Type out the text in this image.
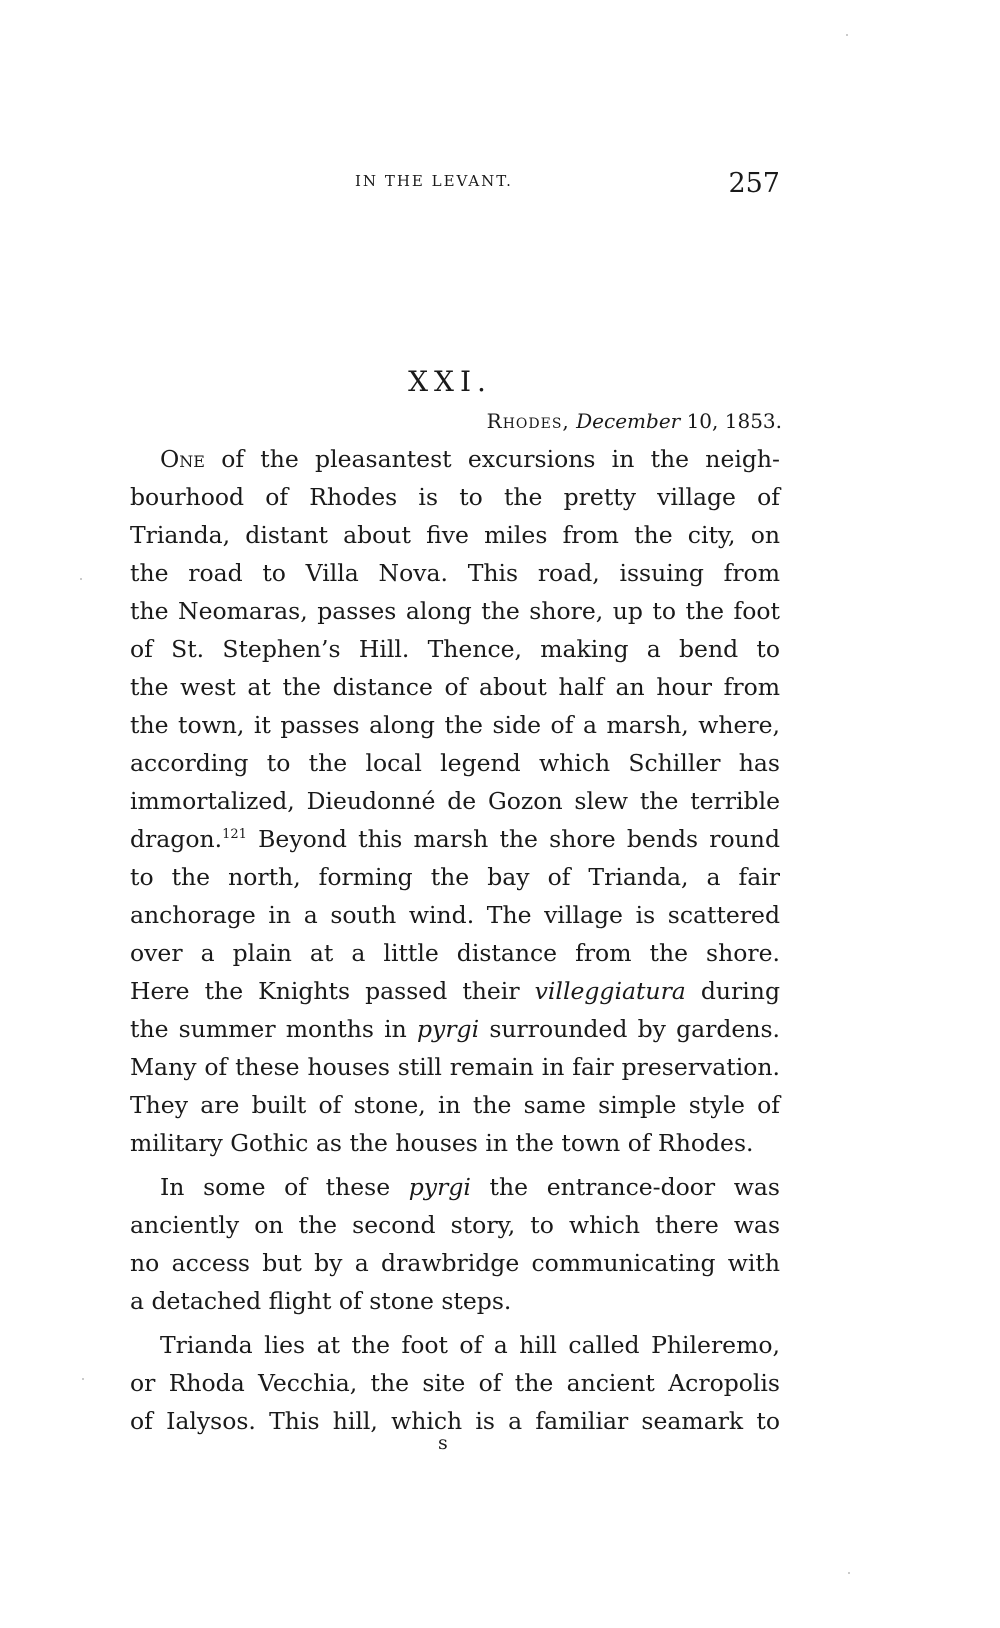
IN THE LEVANT.	257
XXI.
Rhodes, December 10, 1853.
One of the pleasantest excursions in the neigh-
bourhood of Rhodes is to the pretty village of
Trianda, distant about five miles from the city, on
the road to Villa Nova. This road, issuing from
the Neomaras, passes along the shore, up to the foot
of St. Stephen’s Hill. Thence, making a bend to
the west at the distance of about half an hour from
the town, it passes along the side of a marsh, where,
according to the local legend which Schiller has
immortalized, Dieudonné de Gozon slew the terrible
dragon.$^{121}$ Beyond this marsh the shore bends round
to the north, forming the bay of Trianda, a fair
anchorage in a south wind. The village is scattered
over a plain at a little distance from the shore.
Here the Knights passed their villeggiatura during
the summer months in pyrgi surrounded by gardens.
Many of these houses still remain in fair preservation.
They are built of stone, in the same simple style of
military Gothic as the houses in the town of Rhodes.
In some of these pyrgi the entrance-door was
anciently on the second story, to which there was
no access but by a drawbridge communicating with
a detached flight of stone steps.
Trianda lies at the foot of a hill called Phileremo,
or Rhoda Vecchia, the site of the ancient Acropolis
of Ialysos. This hill, which is a familiar seamark to
s
